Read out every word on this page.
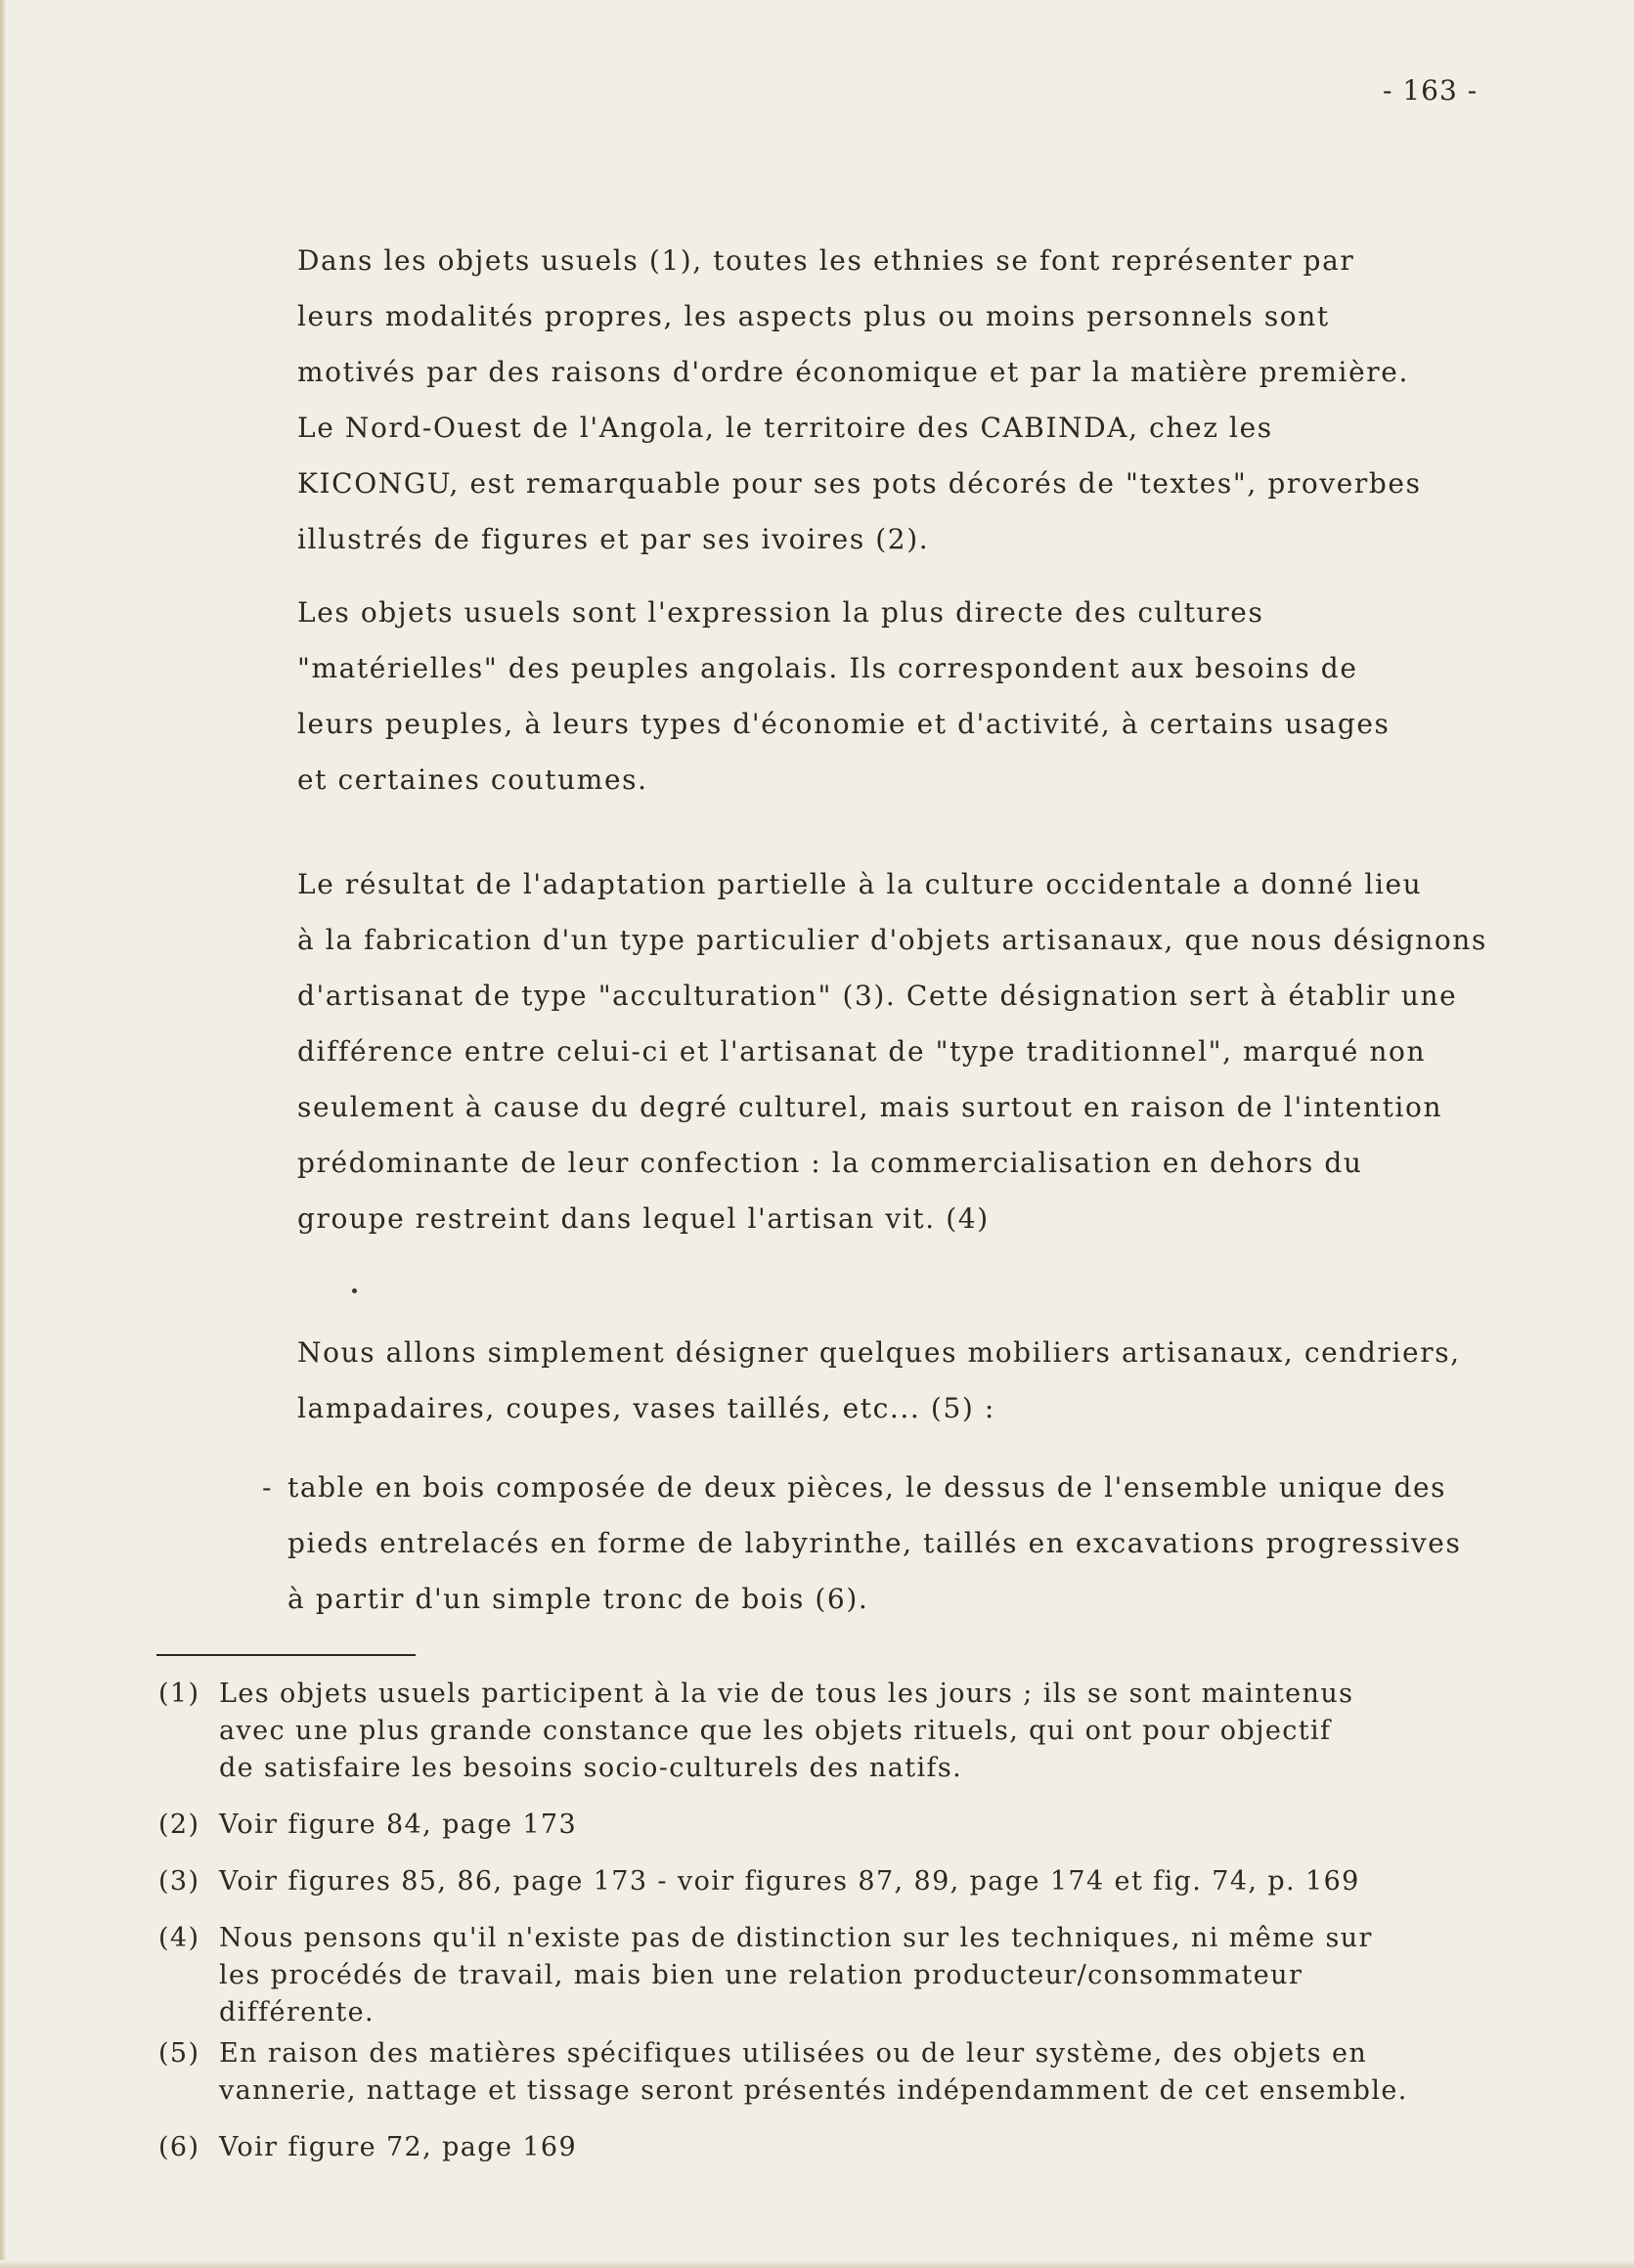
- 163 -
Dans les objets usuels (1), toutes les ethnies se font représenter par
leurs modalités propres, les aspects plus ou moins personnels sont
motivés par des raisons d'ordre économique et par la matière première.
Le Nord-Ouest de l'Angola, le territoire des CABINDA, chez les
KICONGU, est remarquable pour ses pots décorés de "textes", proverbes
illustrés de figures et par ses ivoires (2).
Les objets usuels sont l'expression la plus directe des cultures
"matérielles" des peuples angolais. Ils correspondent aux besoins de
leurs peuples, à leurs types d'économie et d'activité, à certains usages
et certaines coutumes.
Le résultat de l'adaptation partielle à la culture occidentale a donné lieu
à la fabrication d'un type particulier d'objets artisanaux, que nous désignons
d'artisanat de type "acculturation" (3). Cette désignation sert à établir une
différence entre celui-ci et l'artisanat de "type traditionnel", marqué non
seulement à cause du degré culturel, mais surtout en raison de l'intention
prédominante de leur confection : la commercialisation en dehors du
groupe restreint dans lequel l'artisan vit. (4)
Nous allons simplement désigner quelques mobiliers artisanaux, cendriers,
lampadaires, coupes, vases taillés, etc... (5) :
- table en bois composée de deux pièces, le dessus de l'ensemble unique des
pieds entrelacés en forme de labyrinthe, taillés en excavations progressives
à partir d'un simple tronc de bois (6).
(1) Les objets usuels participent à la vie de tous les jours ; ils se sont maintenus
avec une plus grande constance que les objets rituels, qui ont pour objectif
de satisfaire les besoins socio-culturels des natifs.
(2) Voir figure 84, page 173
(3) Voir figures 85, 86, page 173 - voir figures 87, 89, page 174 et fig. 74, p. 169
(4) Nous pensons qu'il n'existe pas de distinction sur les techniques, ni même sur
les procédés de travail, mais bien une relation producteur/consommateur
différente.
(5) En raison des matières spécifiques utilisées ou de leur système, des objets en
vannerie, nattage et tissage seront présentés indépendamment de cet ensemble.
(6) Voir figure 72, page 169
